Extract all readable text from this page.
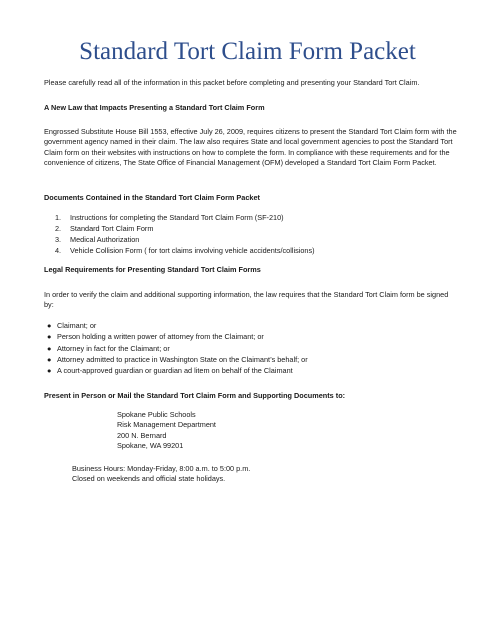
Standard Tort Claim Form Packet
Please carefully read all of the information in this packet before completing and presenting your Standard Tort Claim.
A New Law that Impacts Presenting a Standard Tort Claim Form
Engrossed Substitute House Bill 1553, effective July 26, 2009, requires citizens to present the Standard Tort Claim form with the government agency named in their claim. The law also requires State and local government agencies to post the Standard Tort Claim form on their websites with instructions on how to complete the form. In compliance with these requirements and for the convenience of citizens, The State Office of Financial Management (OFM) developed a Standard Tort Claim Form Packet.
Documents Contained in the Standard Tort Claim Form Packet
1. Instructions for completing the Standard Tort Claim Form (SF-210)
2. Standard Tort Claim Form
3. Medical Authorization
4. Vehicle Collision Form ( for tort claims involving vehicle accidents/collisions)
Legal Requirements for Presenting Standard Tort Claim Forms
In order to verify the claim and additional supporting information, the law requires that the Standard Tort Claim form be signed by:
● Claimant; or
● Person holding a written power of attorney from the Claimant; or
● Attorney in fact for the Claimant; or
● Attorney admitted to practice in Washington State on the Claimant’s behalf; or
● A court-approved guardian or guardian ad litem on behalf of the Claimant
Present in Person or Mail the Standard Tort Claim Form and Supporting Documents to:
Spokane Public Schools
Risk Management Department
200 N. Bernard
Spokane, WA 99201
Business Hours: Monday-Friday, 8:00 a.m. to 5:00 p.m.
Closed on weekends and official state holidays.
